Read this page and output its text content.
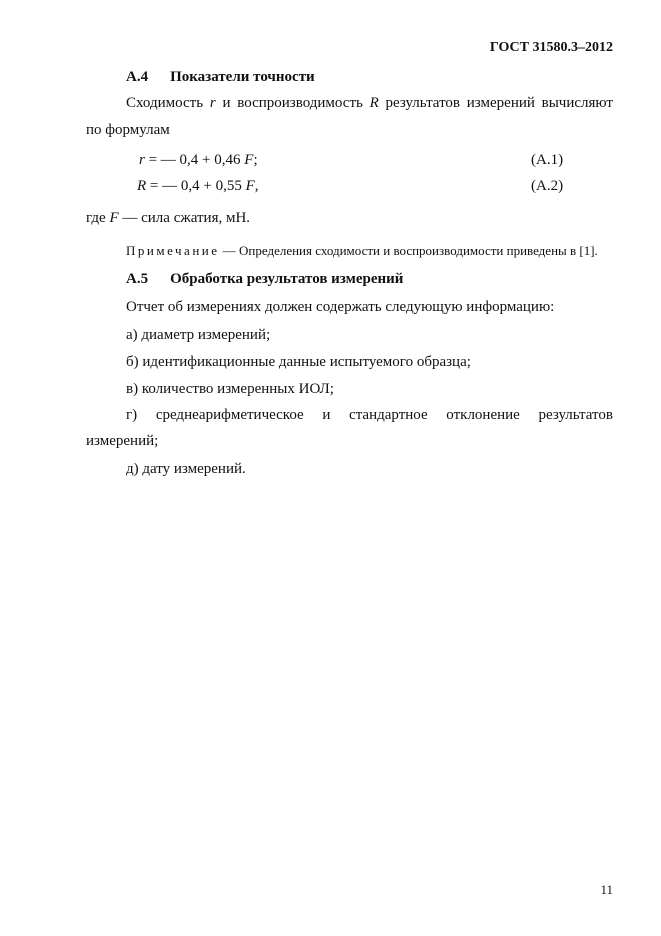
ГОСТ 31580.3–2012
А.4 Показатели точности
Сходимость r и воспроизводимость R результатов измерений вычисляют
по формулам
r = — 0,4 + 0,46 F;	(А.1)
R = — 0,4 + 0,55 F,	(А.2)
где F — сила сжатия, мН.
Примечание — Определения сходимости и воспроизводимости приведены в [1].
А.5 Обработка результатов измерений
Отчет об измерениях должен содержать следующую информацию:
а) диаметр измерений;
б) идентификационные данные испытуемого образца;
в) количество измеренных ИОЛ;
г) среднеарифметическое и стандартное отклонение результатов
измерений;
д) дату измерений.
11
